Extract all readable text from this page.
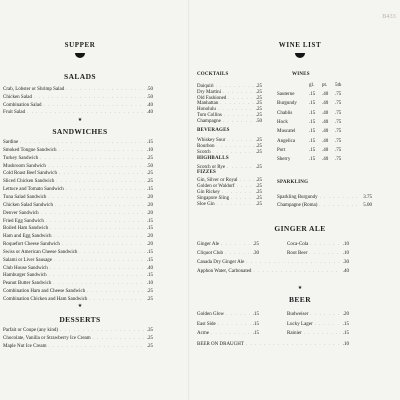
B433
SUPPER
SALADS
Crab, Lobster or Shrimp Salad . . .	.50
Chicken Salad . . .	.50
Combination Salad . . .	.40
Fruit Salad . . .	.40
★
SANDWICHES
Sardine . . .	.15
Smoked Tongue Sandwich . . .	.10
Turkey Sandwich . . .	.25
Mushroom Sandwich . . .	.50
Cold Roast Beef Sandwich . . .	.25
Sliced Chicken Sandwich . . .	.25
Lettuce and Tomato Sandwich . . .	.15
Tuna Salad Sandwich . . .	.20
Chicken Salad Sandwich . . .	.20
Denver Sandwich . . .	.20
Fried Egg Sandwich . . .	.15
Boiled Ham Sandwich . . .	.15
Ham and Egg Sandwich . . .	.20
Roquefort Cheese Sandwich . . .	.20
Swiss or American Cheese Sandwich . . .	.15
Salami or Liver Sausage . . .	.15
Club House Sandwich . . .	.40
Hamburger Sandwich . . .	.15
Peanut Butter Sandwich . . .	.10
Combination Ham and Cheese Sandwich . . .	.25
Combination Chicken and Ham Sandwich . . .	.25
★
DESSERTS
Parfait or Coupe (any kind) . . .	.35
Chocolate, Vanilla or Strawberry Ice Cream . . .	.25
Maple Nut Ice Cream . . .	.25
WINE LIST
COCKTAILS
Daiquiri . . .	.25
Dry Martini . . .	.25
Old Fashioned . . .	.25
Manhattan . . .	.25
Honolulu . . .	.25
Tom Collins . . .	.25
Champagne . . .	.50
BEVERAGES
Whiskey Sour . . .	.25
Bourbon . . .	.25
Scotch . . .	.25
HIGHBALLS
Scotch or Rye . . .	.25
FIZZES
Gin, Silver or Royal . . .	.25
Golden or Waldorf . . .	.25
Gin Rickey . . .	.25
Singapore Sling . . .	.25
Sloe Gin . . .	.25
WINES
gl. pt. 5th
Sauterne	.15 .40 .75
Burgundy .15 .40 .75
Chablis	.15 .40 .75
Hock	.15 .40 .75
Muscatel	.15 .40 .75
Angelica	.15 .40 .75
Port	.15 .40 .75
Sherry	.15 .40 .75
SPARKLING
Sparkling Burgundy . . .	3.75
Champagne (Roma) . . .	5.00
GINGER ALE
Ginger Ale . . .	.25
Cliquot Club . . .	.30
Coca-Cola . . .	.10
Root Beer . . .	.10
Canada Dry Ginger Ale . . .	.30
Apphon Water, Carbonated . . .	.40
★
BEER
Golden Glow . . .	.15
East Side . . .	.15
Acme . . .	.15
Budweiser . . .	.20
Lucky Lager . . .	.15
Rainier . . .	.15
BEER ON DRAUGHT . . .	.10
